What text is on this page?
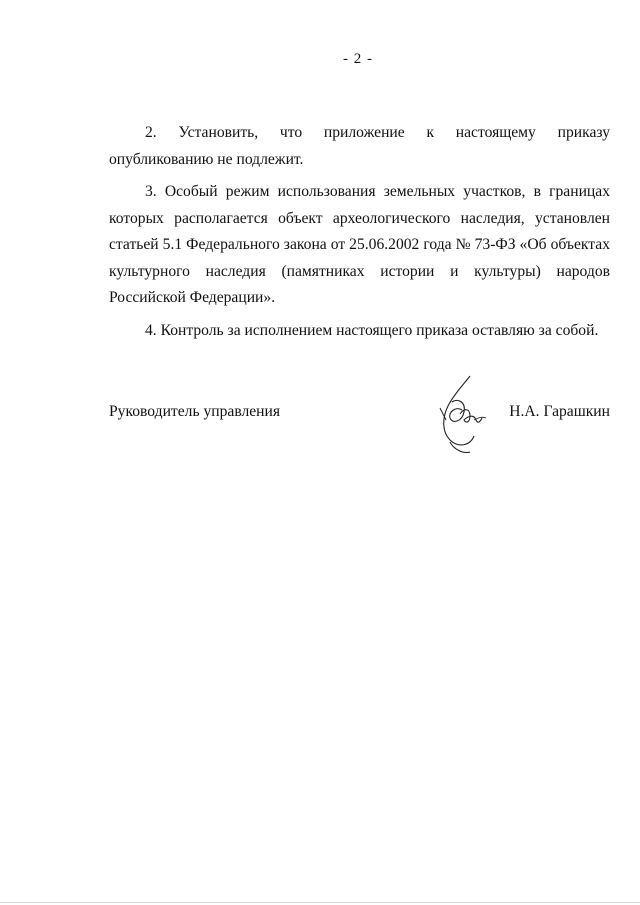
- 2 -

2. Установить, что приложение к настоящему приказу опубликованию не подлежит.

3. Особый режим использования земельных участков, в границах которых располагается объект археологического наследия, установлен статьей 5.1 Федерального закона от 25.06.2002 года № 73-ФЗ «Об объектах культурного наследия (памятниках истории и культуры) народов Российской Федерации».

4. Контроль за исполнением настоящего приказа оставляю за собой.

Руководитель управления	Н.А. Гарашкин
